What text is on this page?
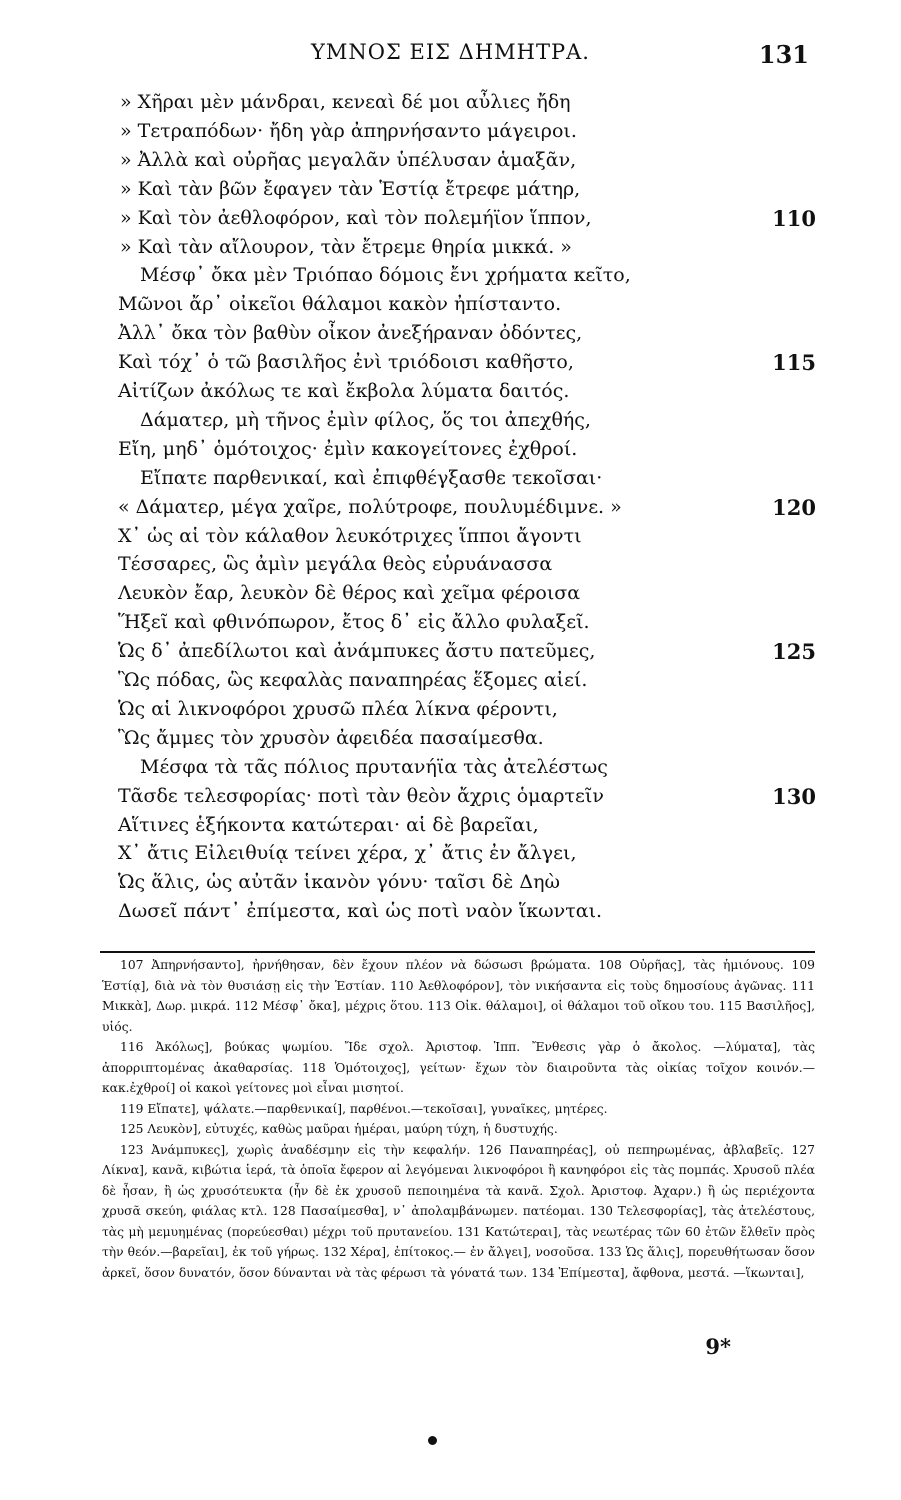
ΥΜΝΟΣ ΕΙΣ ΔΗΜΗΤΡΑ.	131
» Χῆραι μὲν μάνδραι, κενεαὶ δέ μοι αὖλιες ἤδη
» Τετραπόδων· ἤδη γὰρ ἀπηρνήσαντο μάγειροι.
» Ἀλλὰ καὶ οὐρῆας μεγαλᾶν ὑπέλυσαν ἁμαξᾶν,
» Καὶ τὰν βῶν ἔφαγεν τὰν Ἑστίᾳ ἔτρεφε μάτηρ,
» Καὶ τὸν ἀεθλοφόρον, καὶ τὸν πολεμήϊον ἵππον,	110
» Καὶ τὰν αἴλουρον, τὰν ἔτρεμε θηρία μικκά. »
Μέσφ᾽ ὄκα μὲν Τριόπαο δόμοις ἔνι χρήματα κεῖτο,
Μῶνοι ἄρ᾽ οἰκεῖοι θάλαμοι κακὸν ἠπίσταντο.
Ἀλλ᾽ ὄκα τὸν βαθὺν οἶκον ἀνεξήραναν ὀδόντες,
Καὶ τόχ᾽ ὁ τῶ βασιλῆος ἐνὶ τριόδοισι καθῆστο,	115
Αἰτίζων ἀκόλως τε καὶ ἔκβολα λύματα δαιτός.
Δάματερ, μὴ τῆνος ἐμὶν φίλος, ὅς τοι ἀπεχθής,
Εἴη, μηδ᾽ ὁμότοιχος· ἐμὶν κακογείτονες ἐχθροί.
Εἴπατε παρθενικαί, καὶ ἐπιφθέγξασθε τεκοῖσαι·
« Δάματερ, μέγα χαῖρε, πολύτροφε, πουλυμέδιμνε. »	120
Χ᾽ ὡς αἱ τὸν κάλαθον λευκότριχες ἵπποι ἄγοντι
Τέσσαρες, ὣς ἀμὶν μεγάλα θεὸς εὐρυάνασσα
Λευκὸν ἔαρ, λευκὸν δὲ θέρος καὶ χεῖμα φέροισα
Ἥξεῖ καὶ φθινόπωρον, ἔτος δ᾽ εἰς ἄλλο φυλαξεῖ.
Ὡς δ᾽ ἀπεδίλωτοι καὶ ἀνάμπυκες ἄστυ πατεῦμες,	125
Ὣς πόδας, ὣς κεφαλὰς παναπηρέας ἕξομες αἰεί.
Ὡς αἱ λικνοφόροι χρυσῶ πλέα λίκνα φέροντι,
Ὣς ἄμμες τὸν χρυσὸν ἀφειδέα πασαίμεσθα.
Μέσφα τὰ τᾶς πόλιος πρυτανήϊα τὰς ἀτελέστως
Τᾶσδε τελεσφορίας· ποτὶ τὰν θεὸν ἄχρις ὁμαρτεῖν	130
Αἵτινες ἑξήκοντα κατώτεραι· αἱ δὲ βαρεῖαι,
Χ᾽ ἄτις Εἰλειθυίᾳ τείνει χέρα, χ᾽ ἄτις ἐν ἄλγει,
Ὡς ἅλις, ὡς αὐτᾶν ἱκανὸν γόνυ· ταῖσι δὲ Δηὼ
Δωσεῖ πάντ᾽ ἐπίμεστα, καὶ ὡς ποτὶ ναὸν ἵκωνται.
107 Ἀπηρνήσαντο], ἠρνήθησαν, δὲν ἔχουν πλέον νὰ δώσωσι βρώματα. 108 Οὐρῆας], τὰς ἡμιόνους. 109 Ἑστίᾳ], διὰ νὰ τὸν θυσιάσῃ εἰς τὴν Ἑστίαν. 110 Ἀεθλοφόρον], τὸν νικήσαντα εἰς τοὺς δημοσίους ἀγῶνας. 111 Μικκὰ], Δωρ. μικρά. 112 Μέσφ᾽ ὄκα], μέχρις ὅτου. 113 Οἰκ. θάλαμοι], οἱ θάλαμοι τοῦ οἴκου του. 115 Βασιλῆος], υἱός.
116 Ἀκόλως], βούκας ψωμίου. Ἴδε σχολ. Ἀριστοφ. Ἱππ. Ἔνθεσις γὰρ ὁ ἄκολος. —λύματα], τὰς ἀπορριπτομένας ἀκαθαρσίας. 118 Ὁμότοιχος], γείτων· ἔχων τὸν διαιροῦντα τὰς οἰκίας τοῖχον κοινόν.—κακ.ἐχθροί] οἱ κακοὶ γείτονες μοὶ εἶναι μισητοί.
119 Εἴπατε], ψάλατε.—παρθενικαί], παρθένοι.—τεκοῖσαι], γυναῖκες, μητέρες.
125 Λευκὸν], εὐτυχές, καθὼς μαῦραι ἡμέραι, μαύρη τύχη, ἡ δυστυχής.
123 Ἀνάμπυκες], χωρὶς ἀναδέσμην εἰς τὴν κεφαλήν. 126 Παναπηρέας], οὐ πεπηρωμένας, ἀβλαβεῖς. 127 Λίκνα], κανᾶ, κιβώτια ἱερά, τὰ ὁποῖα ἔφερον αἱ λεγόμεναι λικνοφόροι ἢ κανηφόροι εἰς τὰς πομπάς. Χρυσοῦ πλέα δὲ ἦσαν, ἢ ὡς χρυσότευκτα (ἦν δὲ ἐκ χρυσοῦ πεποιημένα τὰ κανᾶ. Σχολ. Ἀριστοφ. Ἀχαρν.) ἢ ὡς περιέχοντα χρυσᾶ σκεύη, φιάλας κτλ. 128 Πασαίμεσθα], ν᾽ ἀπολαμβάνωμεν. πατέομαι. 130 Τελεσφορίας], τὰς ἀτελέστους, τὰς μὴ μεμυημένας (πορεύεσθαι) μέχρι τοῦ πρυτανείου. 131 Κατώτεραι], τὰς νεωτέρας τῶν 60 ἐτῶν ἔλθεῖν πρὸς τὴν θεόν.—βαρεῖαι], ἐκ τοῦ γήρως. 132 Χέρα], ἐπίτοκος.— ἐν ἄλγει], νοσοῦσα. 133 Ὡς ἅλις], πορευθήτωσαν ὅσον ἀρκεῖ, ὅσον δυνατόν, ὅσον δύνανται νὰ τὰς φέρωσι τὰ γόνατά των. 134 Ἐπίμεστα], ἄφθονα, μεστά. —ἵκωνται],
9*
